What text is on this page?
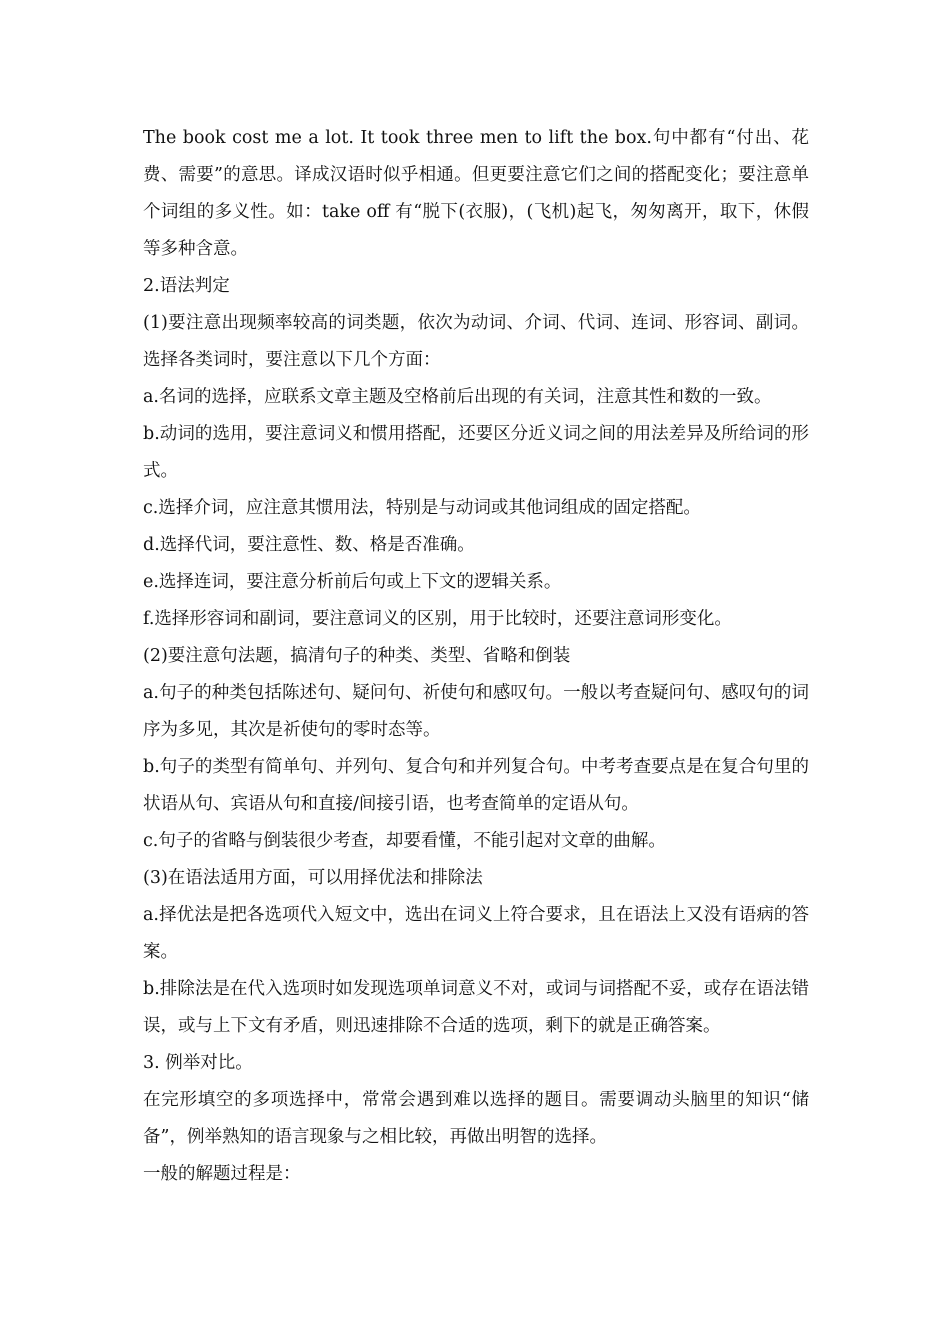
The book cost me a lot. It took three men to lift the box.句中都有“付出、花费、需要”的意思。译成汉语时似乎相通。但更要注意它们之间的搭配变化；要注意单个词组的多义性。如：take off 有“脱下(衣服)，(飞机)起飞，匆匆离开，取下，休假等多种含意。

2.语法判定

(1)要注意出现频率较高的词类题，依次为动词、介词、代词、连词、形容词、副词。选择各类词时，要注意以下几个方面：

a.名词的选择，应联系文章主题及空格前后出现的有关词，注意其性和数的一致。

b.动词的选用，要注意词义和惯用搭配，还要区分近义词之间的用法差异及所给词的形式。

c.选择介词，应注意其惯用法，特别是与动词或其他词组成的固定搭配。

d.选择代词，要注意性、数、格是否准确。

e.选择连词，要注意分析前后句或上下文的逻辑关系。

f.选择形容词和副词，要注意词义的区别，用于比较时，还要注意词形变化。

(2)要注意句法题，搞清句子的种类、类型、省略和倒装

a.句子的种类包括陈述句、疑问句、祈使句和感叹句。一般以考查疑问句、感叹句的词序为多见，其次是祈使句的零时态等。

b.句子的类型有简单句、并列句、复合句和并列复合句。中考考查要点是在复合句里的状语从句、宾语从句和直接/间接引语，也考查简单的定语从句。

c.句子的省略与倒装很少考查，却要看懂，不能引起对文章的曲解。

(3)在语法适用方面，可以用择优法和排除法

a.择优法是把各选项代入短文中，选出在词义上符合要求，且在语法上又没有语病的答案。

b.排除法是在代入选项时如发现选项单词意义不对，或词与词搭配不妥，或存在语法错误，或与上下文有矛盾，则迅速排除不合适的选项，剩下的就是正确答案。

3. 例举对比。

在完形填空的多项选择中，常常会遇到难以选择的题目。需要调动头脑里的知识“储备”，例举熟知的语言现象与之相比较，再做出明智的选择。

一般的解题过程是：
